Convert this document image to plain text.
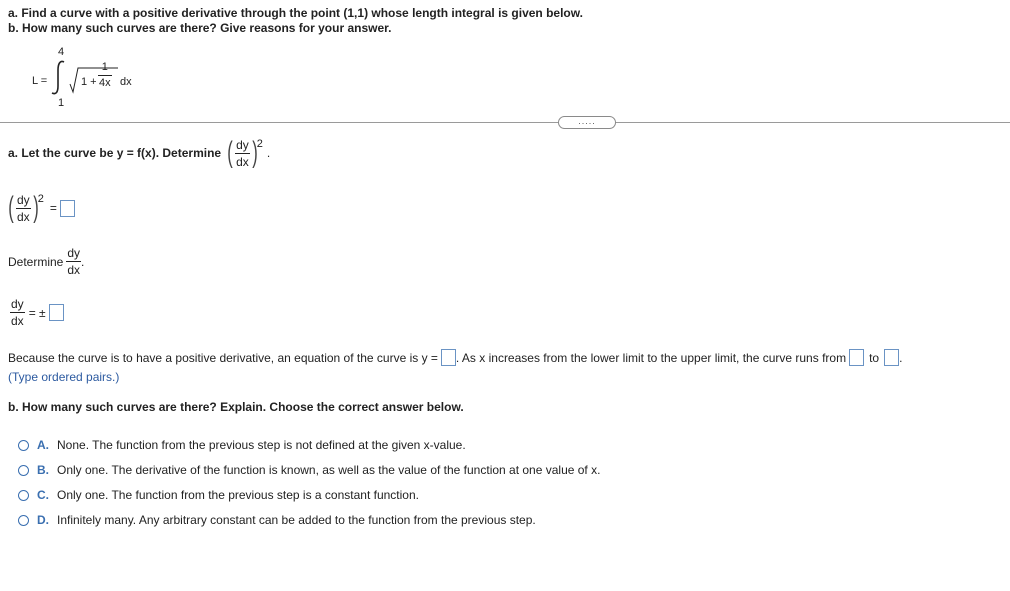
a. Find a curve with a positive derivative through the point (1,1) whose length integral is given below.
b. How many such curves are there? Give reasons for your answer.
4
L =
1
$1 + \frac{1}{4x}$ dx
.....
a. Let the curve be y = f(x). Determine ( $\frac{dy}{dx}$ ) 2
.
( $\frac{dy}{dx}$ ) 2
=
Determine $\frac{dy}{dx}$ .
$\frac{dy}{dx}$ = ±
Because the curve is to have a positive derivative, an equation of the curve is y = . As x increases from the lower limit to the upper limit, the curve runs from to .
(Type ordered pairs.)
b. How many such curves are there? Explain. Choose the correct answer below.
A. None. The function from the previous step is not defined at the given x-value.
B. Only one. The derivative of the function is known, as well as the value of the function at one value of x.
C. Only one. The function from the previous step is a constant function.
D. Infinitely many. Any arbitrary constant can be added to the function from the previous step.
